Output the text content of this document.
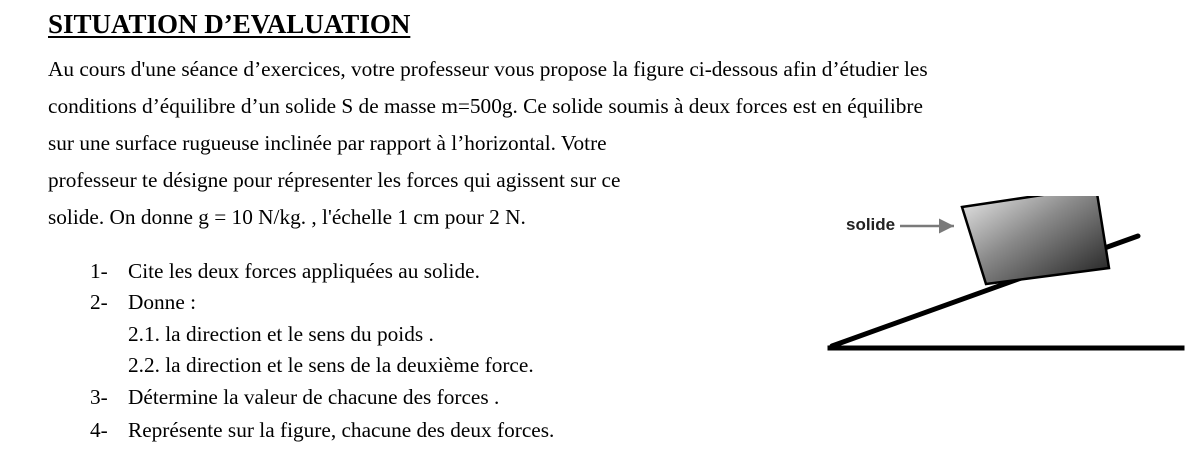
SITUATION D’EVALUATION

Au cours d'une séance d’exercices, votre professeur vous propose la figure ci-dessous afin d’étudier les

conditions d’équilibre d’un solide S de masse m=500g. Ce solide soumis à deux forces est en équilibre

sur une surface rugueuse inclinée par rapport à l’horizontal. Votre

professeur te désigne pour répresenter les forces qui agissent sur ce

solide. On donne g = 10 N/kg. , l'échelle 1 cm pour 2 N.

1- Cite les deux forces appliquées au solide.

2- Donne :

2.1. la direction et le sens du poids .

2.2. la direction et le sens de la deuxième force.

3- Détermine la valeur de chacune des forces .

4- Représente sur la figure, chacune des deux forces.

solide
